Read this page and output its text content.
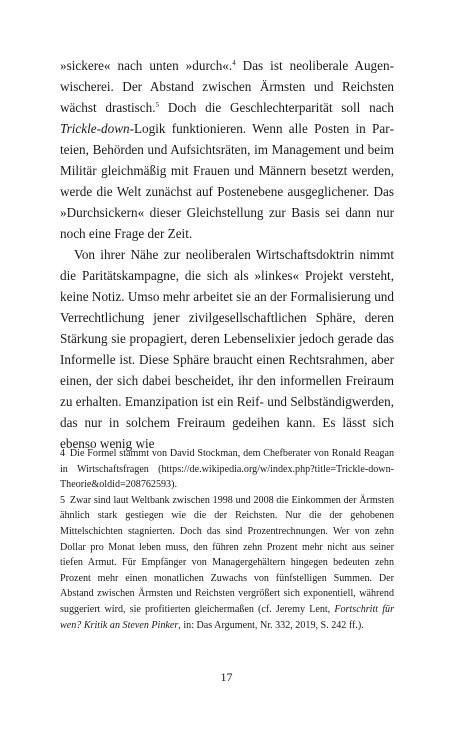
»sickere« nach unten »durch«.$^4$ Das ist neoliberale Augenwischerei. Der Abstand zwischen Ärmsten und Reichsten wächst drastisch.$^5$ Doch die Geschlechterparität soll nach Trickle-down-Logik funktionieren. Wenn alle Posten in Parteien, Behörden und Aufsichtsräten, im Management und beim Militär gleichmäßig mit Frauen und Männern besetzt werden, werde die Welt zunächst auf Postenebene ausgeglichener. Das »Durchsickern« dieser Gleichstellung zur Basis sei dann nur noch eine Frage der Zeit.

Von ihrer Nähe zur neoliberalen Wirtschaftsdoktrin nimmt die Paritätskampagne, die sich als »linkes« Projekt versteht, keine Notiz. Umso mehr arbeitet sie an der Formalisierung und Verrechtlichung jener zivilgesellschaftlichen Sphäre, deren Stärkung sie propagiert, deren Lebenselixier jedoch gerade das Informelle ist. Diese Sphäre braucht einen Rechtsrahmen, aber einen, der sich dabei bescheidet, ihr den informellen Freiraum zu erhalten. Emanzipation ist ein Reif- und Selbständigwerden, das nur in solchem Freiraum gedeihen kann. Es lässt sich ebenso wenig wie

4 Die Formel stammt von David Stockman, dem Chefberater von Ronald Reagan in Wirtschaftsfragen (https://de.wikipedia.org/w/index.php?title=Trickle-down-Theorie&oldid=208762593).

5 Zwar sind laut Weltbank zwischen 1998 und 2008 die Einkommen der Ärmsten ähnlich stark gestiegen wie die der Reichsten. Nur die der gehobenen Mittelschichten stagnierten. Doch das sind Prozentrechnungen. Wer von zehn Dollar pro Monat leben muss, den führen zehn Prozent mehr nicht aus seiner tiefen Armut. Für Empfänger von Managergehältern hingegen bedeuten zehn Prozent mehr einen monatlichen Zuwachs von fünfstelligen Summen. Der Abstand zwischen Ärmsten und Reichsten vergrößert sich exponentiell, während suggeriert wird, sie profitierten gleichermaßen (cf. Jeremy Lent, Fortschritt für wen? Kritik an Steven Pinker, in: Das Argument, Nr. 332, 2019, S. 242 ff.).

17
